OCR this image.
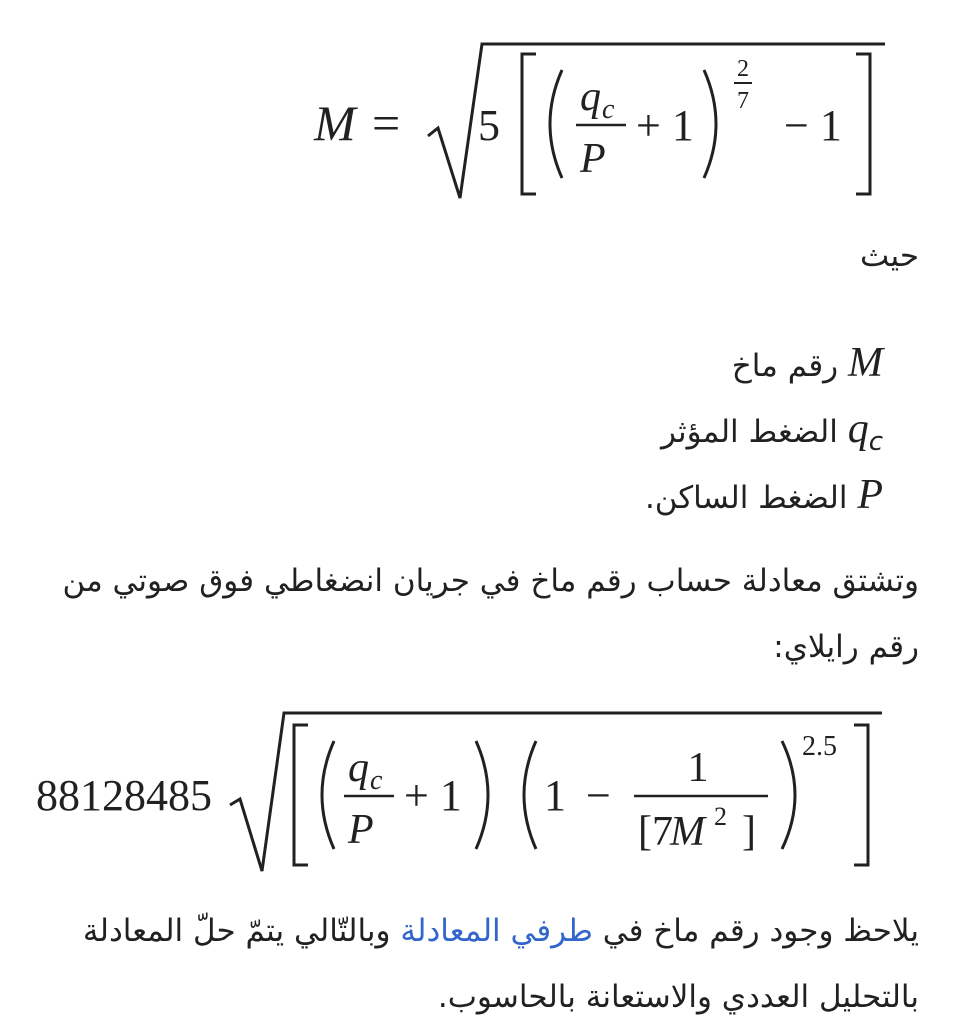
M = 5
q c
P
+ 1
2
7 − 1
حيث
M رقم ماخ
$q_c$ الضغط المؤثر
P الضغط الساكن.
وتشتق معادلة حساب رقم ماخ في جريان انضغاطي فوق صوتي من رقم رايلاي:
88128485
q c
P
+ 1 1 −
1
[7
M 2 ]
2.5
يلاحظ وجود رقم ماخ في طرفي المعادلة وبالتّالي يتمّ حلّ المعادلة بالتحليل العددي والاستعانة بالحاسوب.
